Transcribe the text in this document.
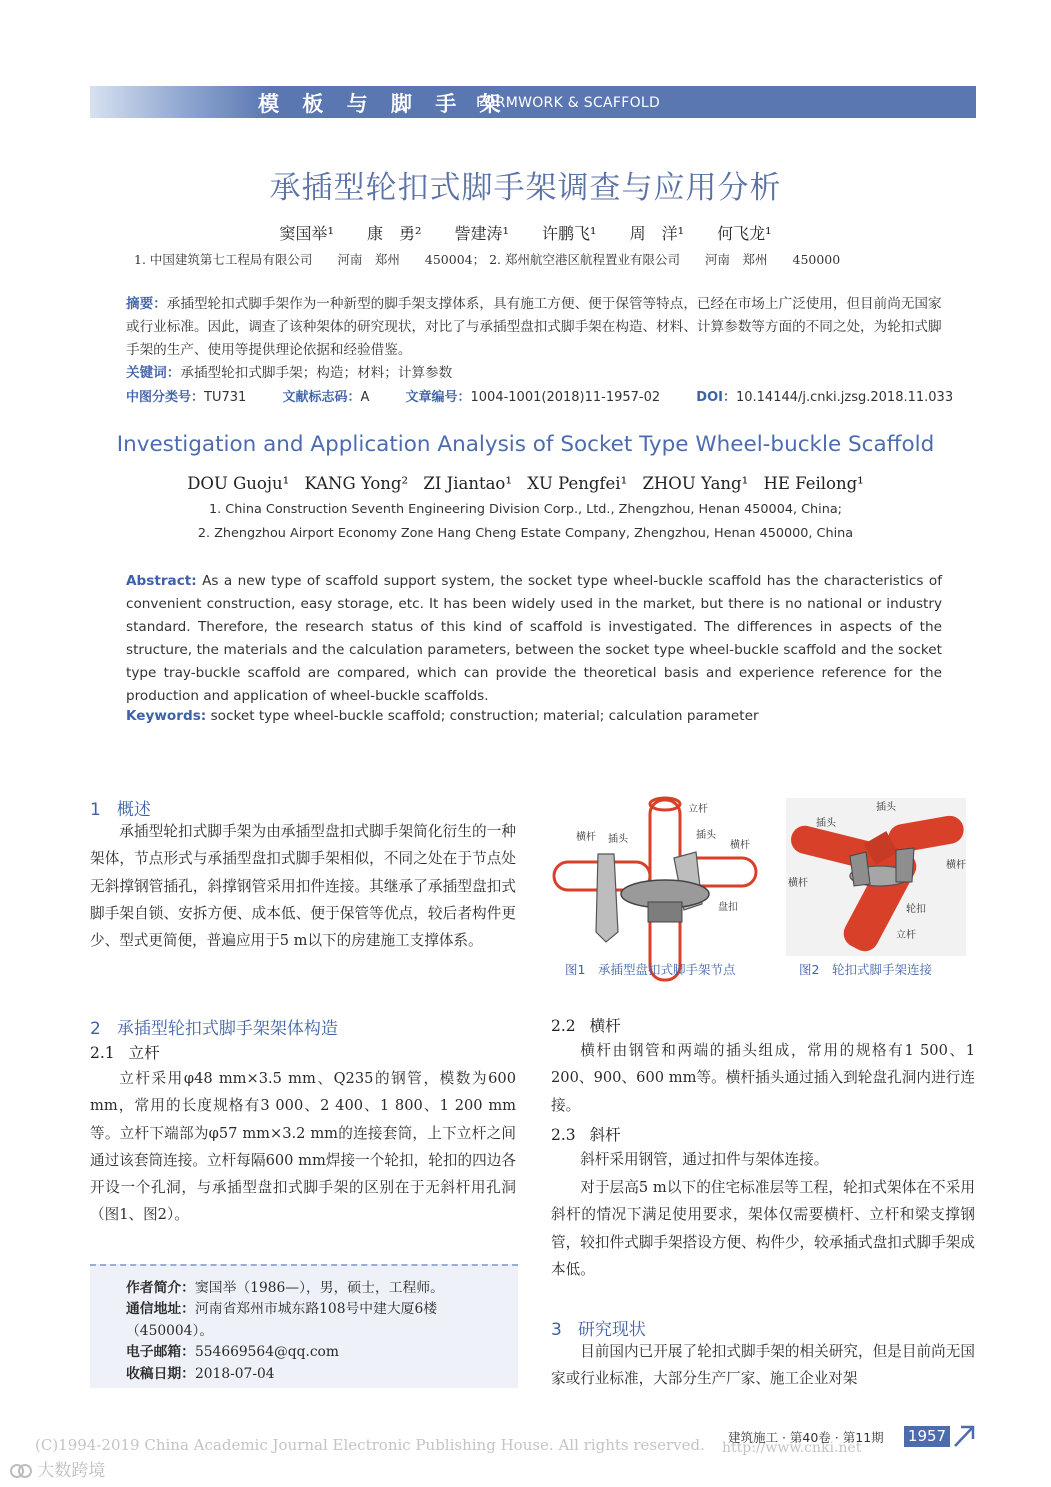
模 板 与 脚 手 架
FORMWORK & SCAFFOLD
承插型轮扣式脚手架调查与应用分析
窦国举¹ 康　勇² 訾建涛¹ 许鹏飞¹ 周　洋¹ 何飞龙¹
1. 中国建筑第七工程局有限公司　　河南　郑州　　450004； 2. 郑州航空港区航程置业有限公司　　河南　郑州　　450000
摘要：承插型轮扣式脚手架作为一种新型的脚手架支撑体系，具有施工方便、便于保管等特点，已经在市场上广泛使用，但目前尚无国家或行业标准。因此，调查了该种架体的研究现状，对比了与承插型盘扣式脚手架在构造、材料、计算参数等方面的不同之处，为轮扣式脚手架的生产、使用等提供理论依据和经验借鉴。
关键词：承插型轮扣式脚手架；构造；材料；计算参数
中图分类号：TU731	文献标志码：A	文章编号：1004-1001(2018)11-1957-02	DOI：10.14144/j.cnki.jzsg.2018.11.033
Investigation and Application Analysis of Socket Type Wheel-buckle Scaffold
DOU Guoju¹ KANG Yong² ZI Jiantao¹ XU Pengfei¹ ZHOU Yang¹ HE Feilong¹
1. China Construction Seventh Engineering Division Corp., Ltd., Zhengzhou, Henan 450004, China;
2. Zhengzhou Airport Economy Zone Hang Cheng Estate Company, Zhengzhou, Henan 450000, China
Abstract: As a new type of scaffold support system, the socket type wheel-buckle scaffold has the characteristics of convenient construction, easy storage, etc. It has been widely used in the market, but there is no national or industry standard. Therefore, the research status of this kind of scaffold is investigated. The differences in aspects of the structure, the materials and the calculation parameters, between the socket type wheel-buckle scaffold and the socket type tray-buckle scaffold are compared, which can provide the theoretical basis and experience reference for the production and application of wheel-buckle scaffolds.
Keywords: socket type wheel-buckle scaffold; construction; material; calculation parameter
1 概述
承插型轮扣式脚手架为由承插型盘扣式脚手架简化衍生的一种架体，节点形式与承插型盘扣式脚手架相似，不同之处在于节点处无斜撑钢管插孔，斜撑钢管采用扣件连接。其继承了承插型盘扣式脚手架自锁、安拆方便、成本低、便于保管等优点，较后者构件更少、型式更简便，普遍应用于5 m以下的房建施工支撑体系。
2 承插型轮扣式脚手架架体构造
2.1 立杆
立杆采用φ48 mm×3.5 mm、Q235的钢管，模数为600 mm，常用的长度规格有3 000、2 400、1 800、1 200 mm等。立杆下端部为φ57 mm×3.2 mm的连接套筒，上下立杆之间通过该套筒连接。立杆每隔600 mm焊接一个轮扣，轮扣的四边各开设一个孔洞，与承插型盘扣式脚手架的区别在于无斜杆用孔洞（图1、图2）。
作者简介：窦国举（1986—），男，硕士，工程师。
通信地址：河南省郑州市城东路108号中建大厦6楼
（450004）。
电子邮箱：554669564@qq.com
收稿日期：2018-07-04
立杆
横杆 插头	插头
横杆
盘扣
插头
插头
横杆
横杆
轮扣
立杆
图1　承插型盘扣式脚手架节点	图2　轮扣式脚手架连接
2.2 横杆
横杆由钢管和两端的插头组成，常用的规格有1 500、1 200、900、600 mm等。横杆插头通过插入到轮盘孔洞内进行连接。
2.3 斜杆
斜杆采用钢管，通过扣件与架体连接。
对于层高5 m以下的住宅标准层等工程，轮扣式架体在不采用斜杆的情况下满足使用要求，架体仅需要横杆、立杆和梁支撑钢管，较扣件式脚手架搭设方便、构件少，较承插式盘扣式脚手架成本低。
3 研究现状
目前国内已开展了轮扣式脚手架的相关研究，但是目前尚无国家或行业标准，大部分生产厂家、施工企业对架
(C)1994-2019 China Academic Journal Electronic Publishing House. All rights reserved. http://www.cnki.net
建筑施工 · 第40卷 · 第11期 1957
大数跨境
